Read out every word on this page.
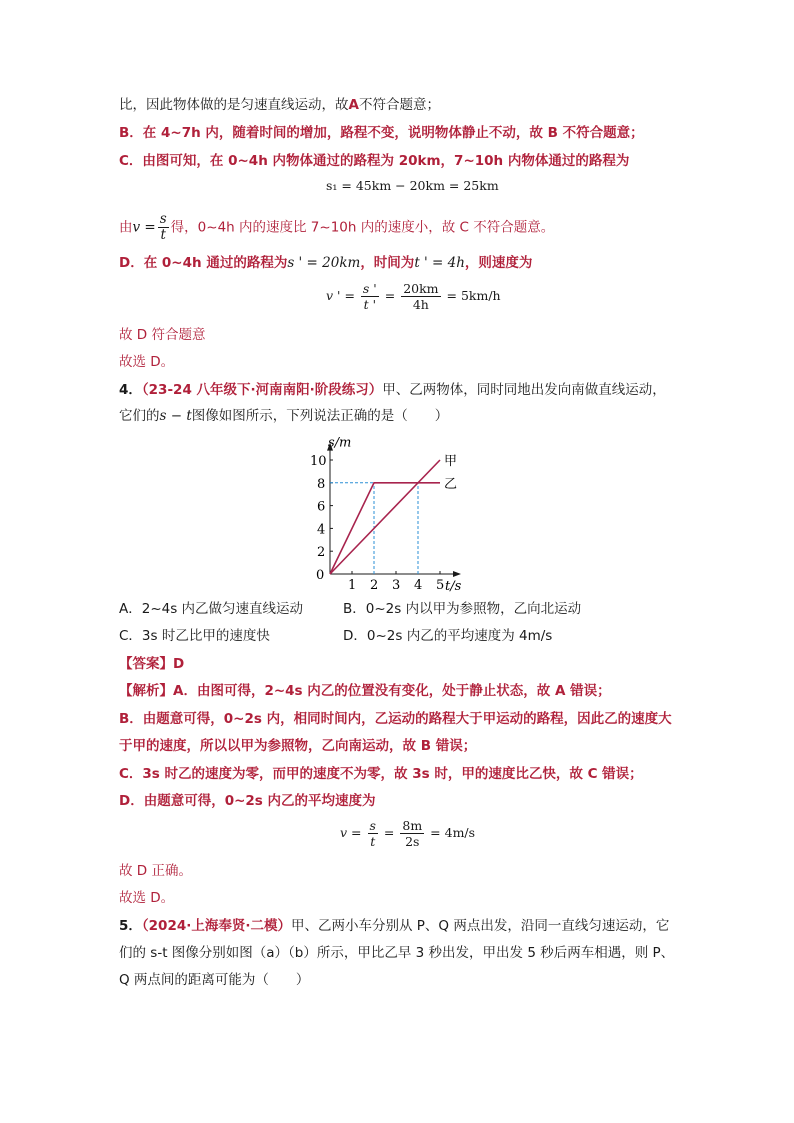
比，因此物体做的是匀速直线运动，故A不符合题意；
B．在 4~7h 内，随着时间的增加，路程不变，说明物体静止不动，故 B 不符合题意；
C．由图可知，在 0~4h 内物体通过的路程为 20km，7~10h 内物体通过的路程为
s₁ = 45km − 20km = 25km
由$v = \frac{s}{t}$ 得，0~4h 内的速度比 7~10h 内的速度小，故 C 不符合题意。
D．在 0~4h 通过的路程为s ' = 20km，时间为t ' = 4h，则速度为
v ' = $\frac{s '}{t '} = \frac{20km}{4h} = 5km/h$
故 D 符合题意
故选 D。
4．（23-24 八年级下·河南南阳·阶段练习）甲、乙两物体，同时同地出发向南做直线运动，
它们的s − t图像如图所示，下列说法正确的是（　　）
s/m
t/s
0
1 2 3 4 5
2
4
6
8
10	甲
乙
A．2~4s 内乙做匀速直线运动	B．0~2s 内以甲为参照物，乙向北运动
C．3s 时乙比甲的速度快	D．0~2s 内乙的平均速度为 4m/s
【答案】D
【解析】A．由图可得，2~4s 内乙的位置没有变化，处于静止状态，故 A 错误；
B．由题意可得，0~2s 内，相同时间内，乙运动的路程大于甲运动的路程，因此乙的速度大
于甲的速度，所以以甲为参照物，乙向南运动，故 B 错误；
C．3s 时乙的速度为零，而甲的速度不为零，故 3s 时，甲的速度比乙快，故 C 错误；
D．由题意可得，0~2s 内乙的平均速度为
$v = \frac{s}{t} = \frac{8m}{2s} = 4m/s$
故 D 正确。
故选 D。
5．（2024·上海奉贤·二模）甲、乙两小车分别从 P、Q 两点出发，沿同一直线匀速运动，它
们的 s-t 图像分别如图（a）（b）所示，甲比乙早 3 秒出发，甲出发 5 秒后两车相遇，则 P、
Q 两点间的距离可能为（　　）
